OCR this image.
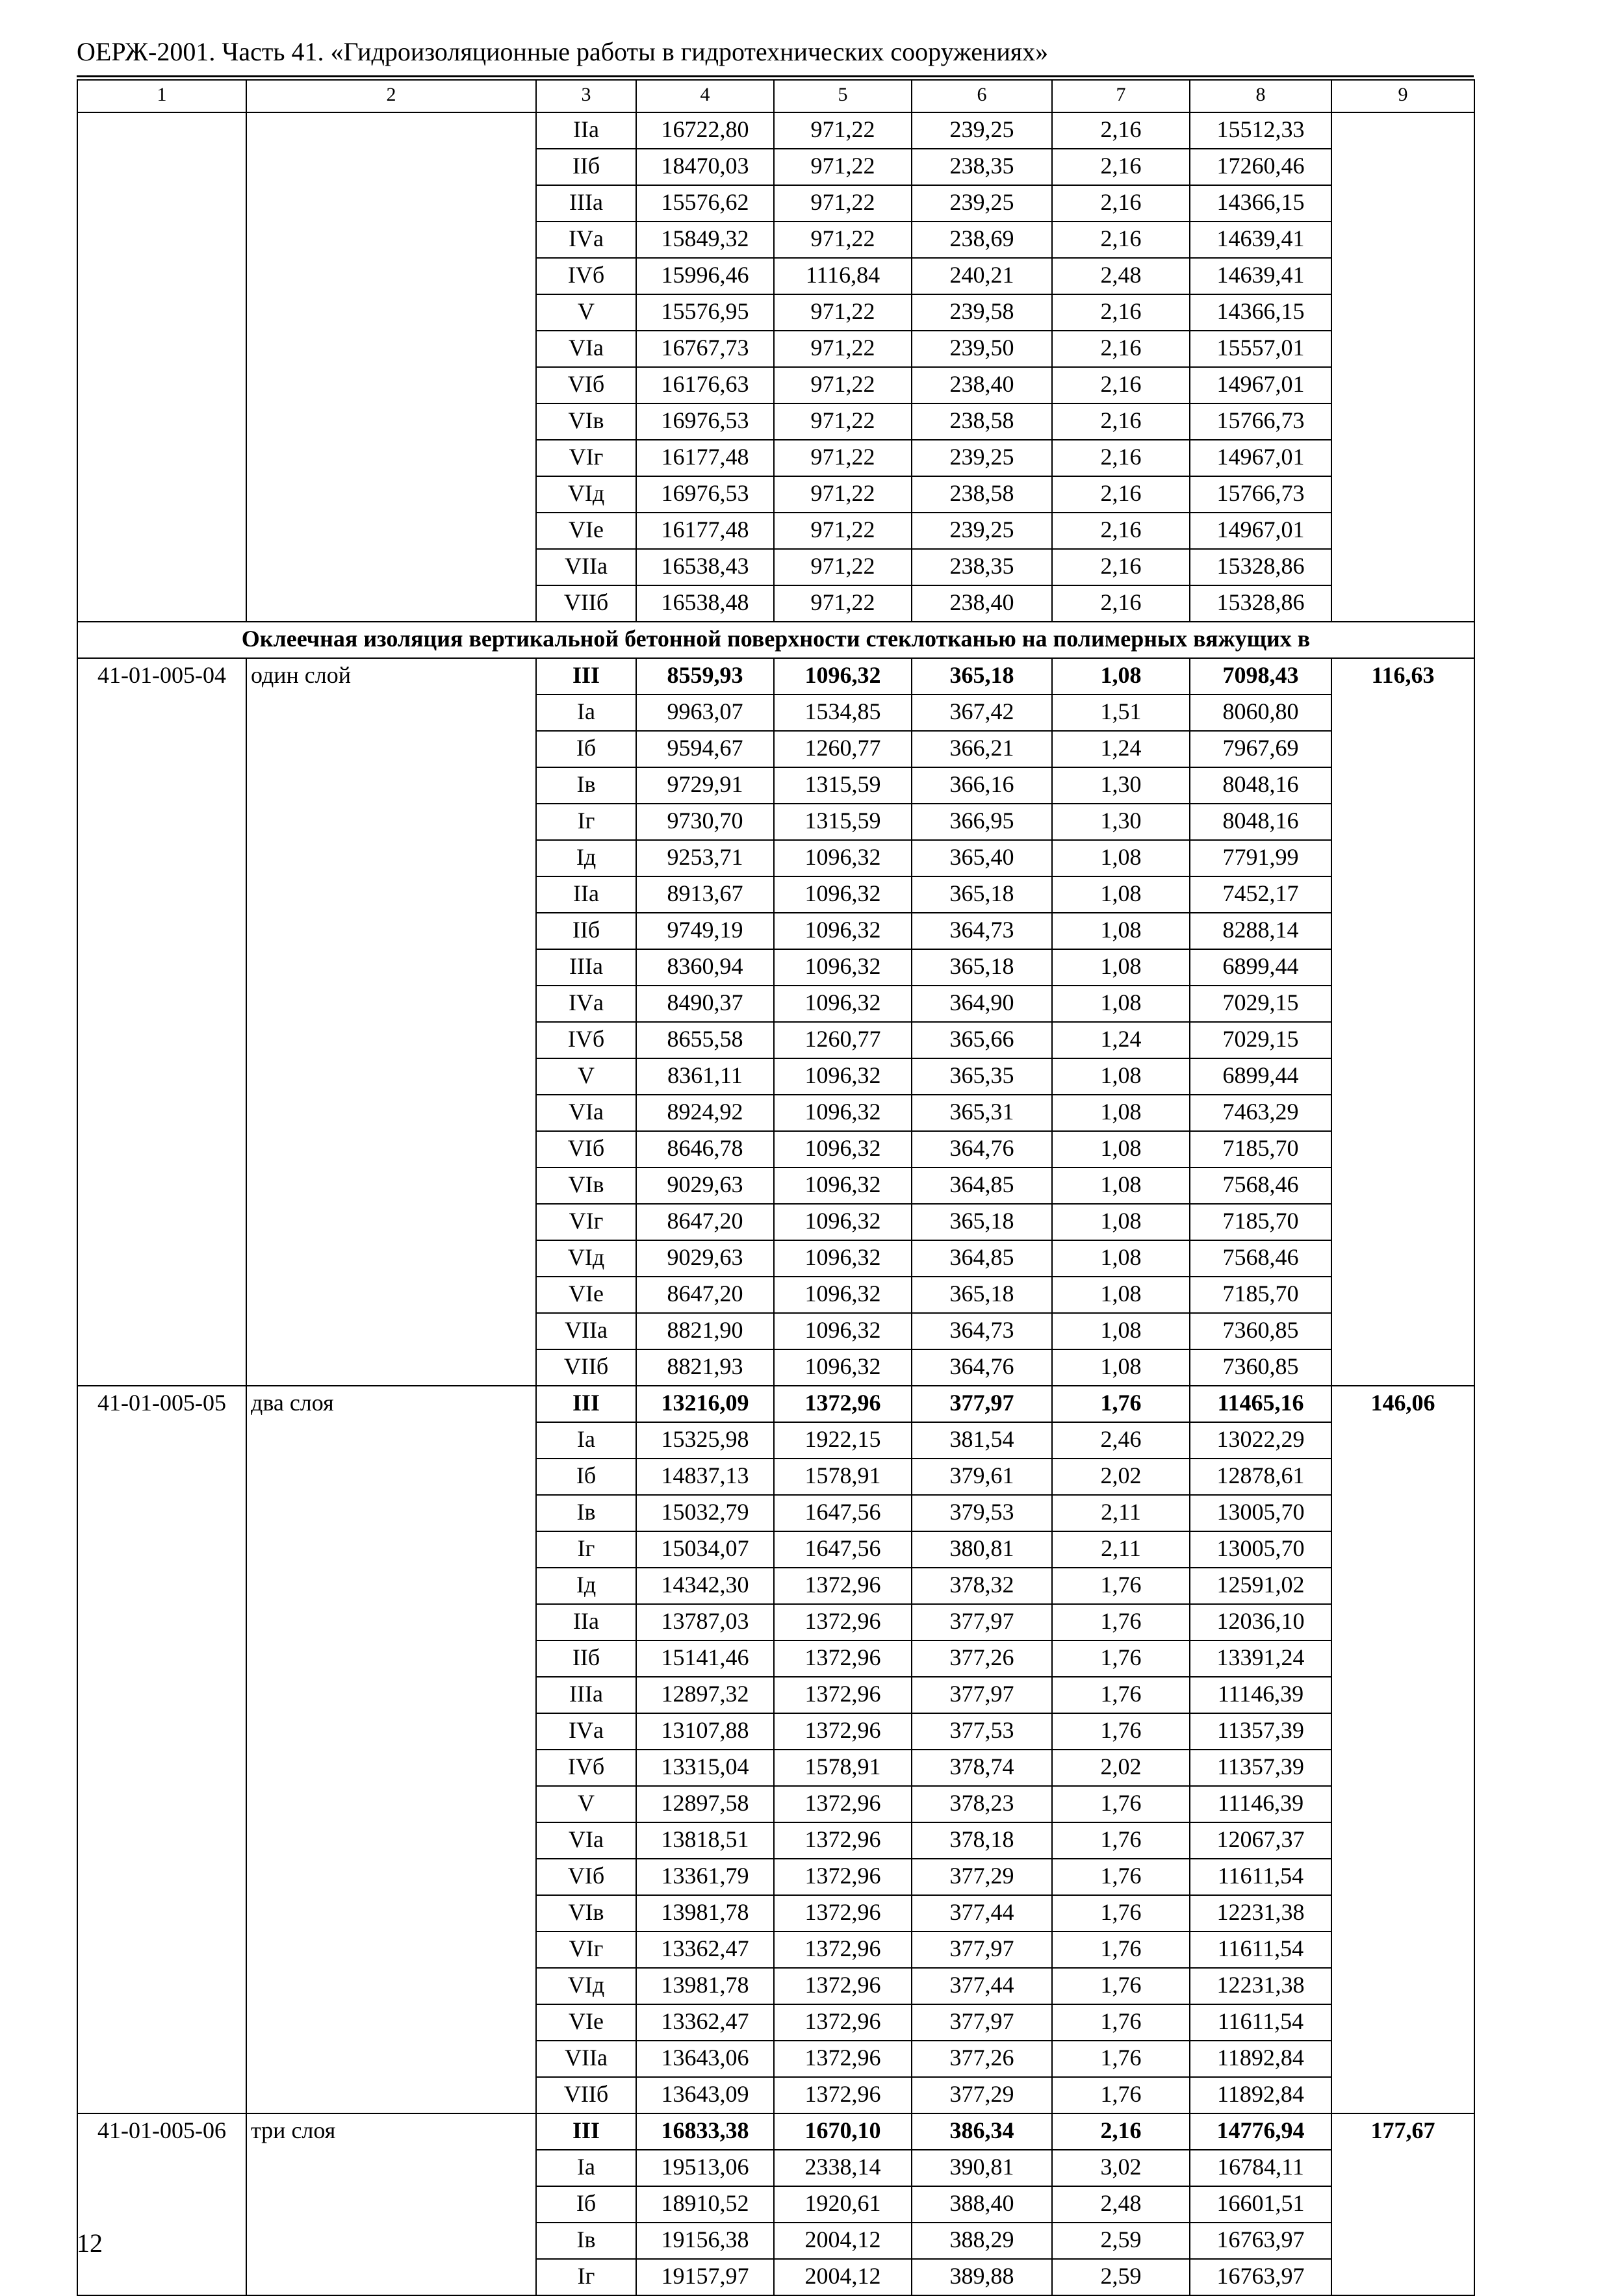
ОЕРЖ-2001. Часть 41. «Гидроизоляционные работы в гидротехнических сооружениях»
1	2	3	4	5	6	7	8	9
		IIа	16722,80	971,22	239,25	2,16	15512,33	
		IIб	18470,03	971,22	238,35	2,16	17260,46	
		IIIа	15576,62	971,22	239,25	2,16	14366,15	
		IVа	15849,32	971,22	238,69	2,16	14639,41	
		IVб	15996,46	1116,84	240,21	2,48	14639,41	
		V	15576,95	971,22	239,58	2,16	14366,15	
		VIа	16767,73	971,22	239,50	2,16	15557,01	
		VIб	16176,63	971,22	238,40	2,16	14967,01	
		VIв	16976,53	971,22	238,58	2,16	15766,73	
		VIг	16177,48	971,22	239,25	2,16	14967,01	
		VIд	16976,53	971,22	238,58	2,16	15766,73	
		VIе	16177,48	971,22	239,25	2,16	14967,01	
		VIIа	16538,43	971,22	238,35	2,16	15328,86	
		VIIб	16538,48	971,22	238,40	2,16	15328,86	
Оклеечная изоляция вертикальной бетонной поверхности стеклотканью на полимерных вяжущих в								
41-01-005-04	один слой	III	8559,93	1096,32	365,18	1,08	7098,43	116,63
		Iа	9963,07	1534,85	367,42	1,51	8060,80	
		Iб	9594,67	1260,77	366,21	1,24	7967,69	
		Iв	9729,91	1315,59	366,16	1,30	8048,16	
		Iг	9730,70	1315,59	366,95	1,30	8048,16	
		Iд	9253,71	1096,32	365,40	1,08	7791,99	
		IIа	8913,67	1096,32	365,18	1,08	7452,17	
		IIб	9749,19	1096,32	364,73	1,08	8288,14	
		IIIа	8360,94	1096,32	365,18	1,08	6899,44	
		IVа	8490,37	1096,32	364,90	1,08	7029,15	
		IVб	8655,58	1260,77	365,66	1,24	7029,15	
		V	8361,11	1096,32	365,35	1,08	6899,44	
		VIа	8924,92	1096,32	365,31	1,08	7463,29	
		VIб	8646,78	1096,32	364,76	1,08	7185,70	
		VIв	9029,63	1096,32	364,85	1,08	7568,46	
		VIг	8647,20	1096,32	365,18	1,08	7185,70	
		VIд	9029,63	1096,32	364,85	1,08	7568,46	
		VIе	8647,20	1096,32	365,18	1,08	7185,70	
		VIIа	8821,90	1096,32	364,73	1,08	7360,85	
		VIIб	8821,93	1096,32	364,76	1,08	7360,85	
41-01-005-05	два слоя	III	13216,09	1372,96	377,97	1,76	11465,16	146,06
		Iа	15325,98	1922,15	381,54	2,46	13022,29	
		Iб	14837,13	1578,91	379,61	2,02	12878,61	
		Iв	15032,79	1647,56	379,53	2,11	13005,70	
		Iг	15034,07	1647,56	380,81	2,11	13005,70	
		Iд	14342,30	1372,96	378,32	1,76	12591,02	
		IIа	13787,03	1372,96	377,97	1,76	12036,10	
		IIб	15141,46	1372,96	377,26	1,76	13391,24	
		IIIа	12897,32	1372,96	377,97	1,76	11146,39	
		IVа	13107,88	1372,96	377,53	1,76	11357,39	
		IVб	13315,04	1578,91	378,74	2,02	11357,39	
		V	12897,58	1372,96	378,23	1,76	11146,39	
		VIа	13818,51	1372,96	378,18	1,76	12067,37	
		VIб	13361,79	1372,96	377,29	1,76	11611,54	
		VIв	13981,78	1372,96	377,44	1,76	12231,38	
		VIг	13362,47	1372,96	377,97	1,76	11611,54	
		VIд	13981,78	1372,96	377,44	1,76	12231,38	
		VIе	13362,47	1372,96	377,97	1,76	11611,54	
		VIIа	13643,06	1372,96	377,26	1,76	11892,84	
		VIIб	13643,09	1372,96	377,29	1,76	11892,84	
41-01-005-06	три слоя	III	16833,38	1670,10	386,34	2,16	14776,94	177,67
		Iа	19513,06	2338,14	390,81	3,02	16784,11	
		Iб	18910,52	1920,61	388,40	2,48	16601,51	
		Iв	19156,38	2004,12	388,29	2,59	16763,97	
		Iг	19157,97	2004,12	389,88	2,59	16763,97	
12
